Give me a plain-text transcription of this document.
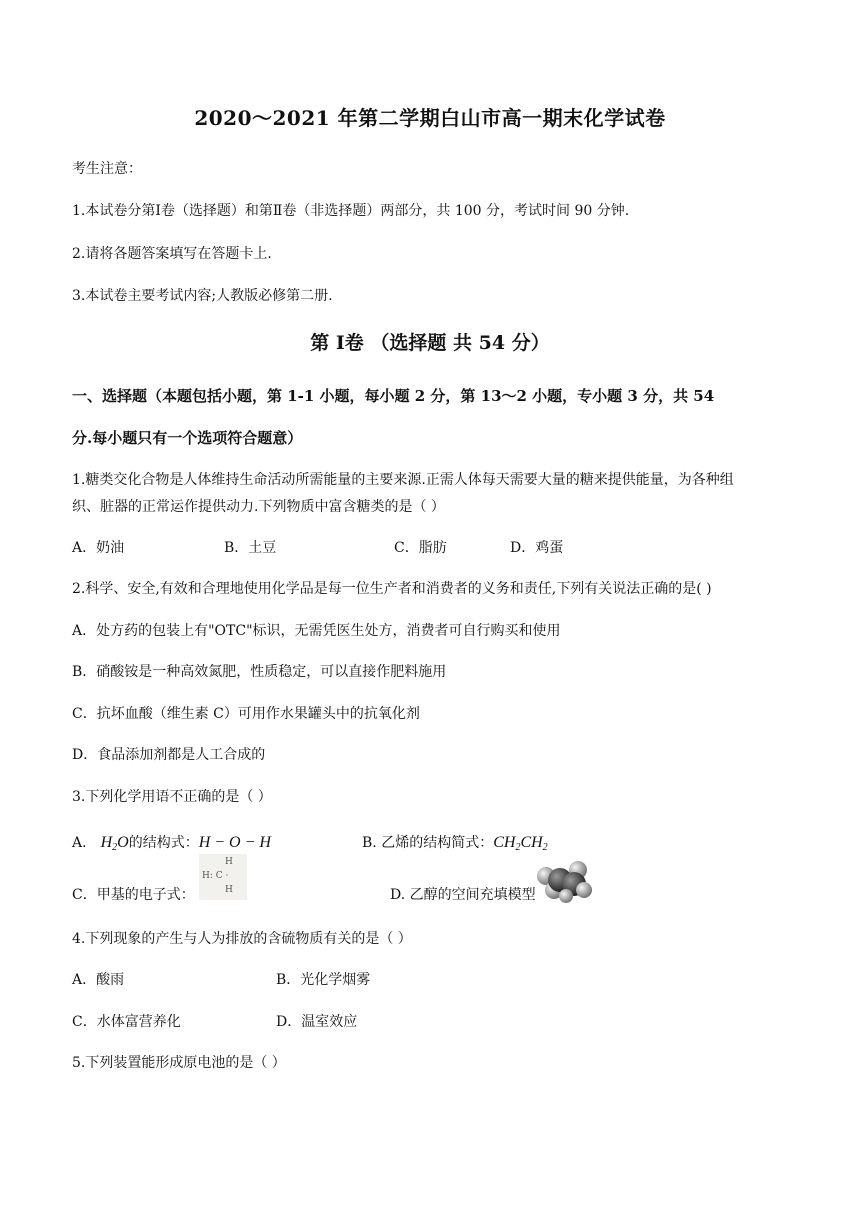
2020～2021 年第二学期白山市高一期末化学试卷
考生注意：
1.本试卷分第Ⅰ卷（选择题）和第Ⅱ卷（非选择题）两部分，共 100 分，考试时间 90 分钟.
2.请将各题答案填写在答题卡上.
3.本试卷主要考试内容;人教版必修第二册.
第 Ⅰ卷 （选择题 共 54 分）
一、选择题（本题包括小题，第 1-1 小题，每小题 2 分，第 13～2 小题，专小题 3 分，共 54
分.每小题只有一个选项符合题意）
1.糖类交化合物是人体维持生命活动所需能量的主要来源.正需人体每天需要大量的糖来提供能量，为各种组
织、脏器的正常运作提供动力.下列物质中富含糖类的是（ ）
A．奶油	B．土豆	C．脂肪	D．鸡蛋
2.科学、安全,有效和合理地使用化学品是每一位生产者和消费者的义务和责任,下列有关说法正确的是( )
A．处方药的包装上有"OTC"标识，无需凭医生处方，消费者可自行购买和使用
B．硝酸铵是一种高效氮肥，性质稳定，可以直接作肥料施用
C．抗坏血酸（维生素 C）可用作水果罐头中的抗氧化剂
D．食品添加剂都是人工合成的
3.下列化学用语不正确的是（ ）
A． $H_2O$的结构式：H − O − H	B. 乙烯的结构简式：$CH_2CH_2$
C．甲基的电子式：
H
H: C ·
H	D. 乙醇的空间充填模型
4.下列现象的产生与人为排放的含硫物质有关的是（ ）
A．酸雨	B．光化学烟雾
C．水体富营养化	D．温室效应
5.下列装置能形成原电池的是（ ）
